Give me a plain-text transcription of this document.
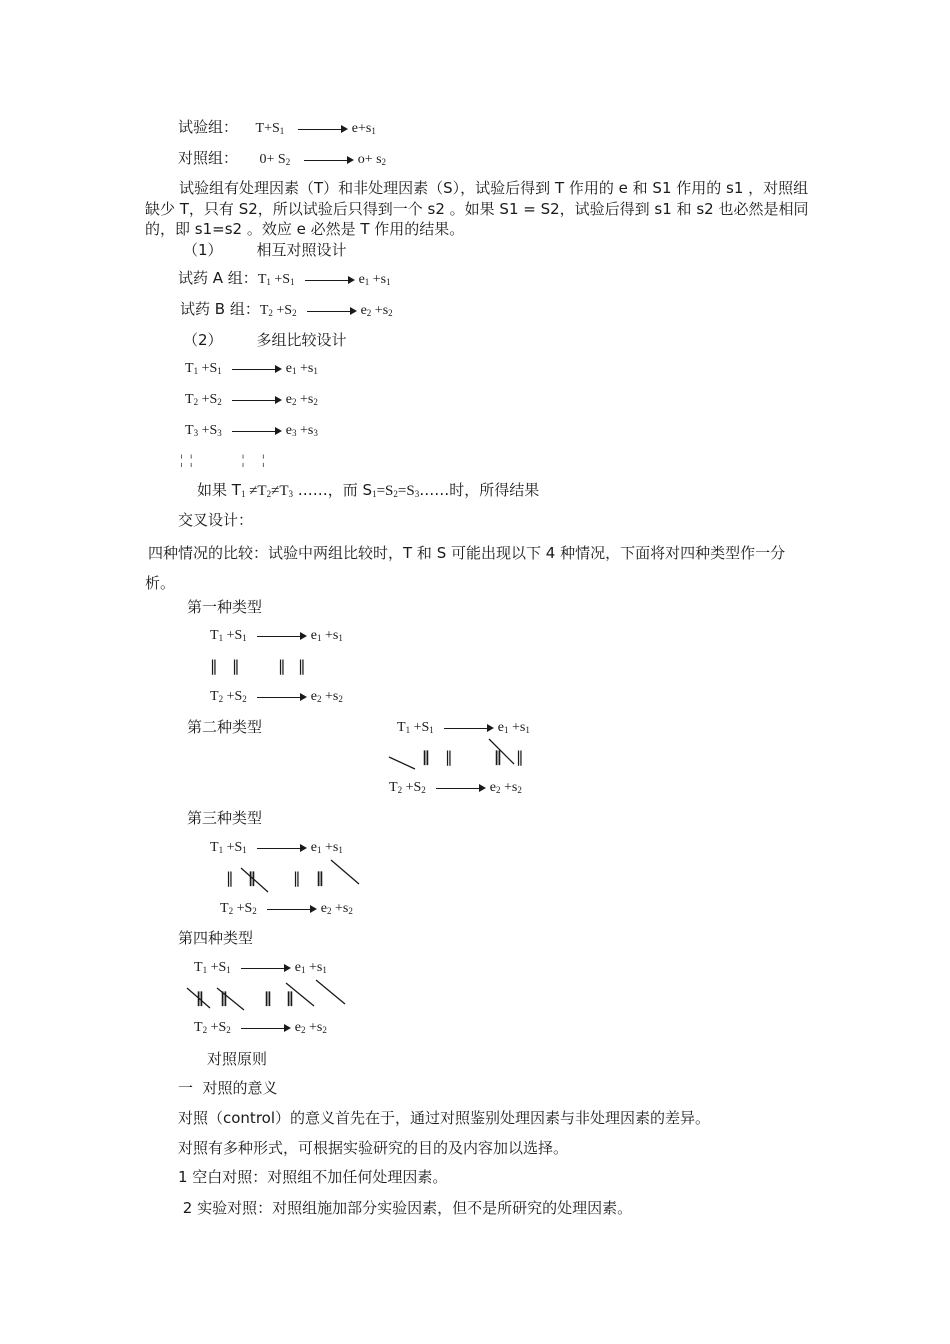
试验组： $T+S_1$	$e+s_1$
对照组： $0+ S_2$	$o+ s_2$
试验组有处理因素（T）和非处理因素（S），试验后得到 T 作用的 e 和 S1 作用的 s1 ，对照组缺少 T，只有 S2，所以试验后只得到一个 s2 。如果 S1 = S2，试验后得到 s1 和 s2 也必然是相同的，即 s1=s2 。效应 e 必然是 T 作用的结果。
（1） 相互对照设计
试药 A 组：$T_1 +S_1$	$e_1 +s_1$
试药 B 组：$T_2 +S_2$	$e_2 +s_2$
（2） 多组比较设计
$T_1 +S_1$	$e_1 +s_1$
$T_2 +S_2$	$e_2 +s_2$
$T_3 +S_3$	$e_3 +s_3$
¦  ¦              ¦     ¦
如果 $T_1 \ne T_2\ne T_3$ ……，而 $S_1=S_2=S_3\dots\dots$时，所得结果
交叉设计：
四种情况的比较：试验中两组比较时，T 和 S 可能出现以下 4 种情况，下面将对四种类型作一分析。
第一种类型
$T_1 +S_1$	$e_1 +s_1$
‖ ‖	‖ ‖
$T_2 +S_2$	$e_2 +s_2$
第二种类型	$T_1 +S_1$	$e_1 +s_1$
∥ ‖	∥ ‖
$T_2 +S_2$	$e_2 +s_2$
第三种类型
$T_1 +S_1$	$e_1 +s_1$
‖ ∥	‖ ∥
$T_2 +S_2$	$e_2 +s_2$
第四种类型
$T_1 +S_1$	$e_1 +s_1$
∥ ∥ ∥ ∥
$T_2 +S_2$	$e_2 +s_2$
对照原则
一  对照的意义
对照（control）的意义首先在于，通过对照鉴别处理因素与非处理因素的差异。
对照有多种形式，可根据实验研究的目的及内容加以选择。
1 空白对照：对照组不加任何处理因素。
2 实验对照：对照组施加部分实验因素，但不是所研究的处理因素。
